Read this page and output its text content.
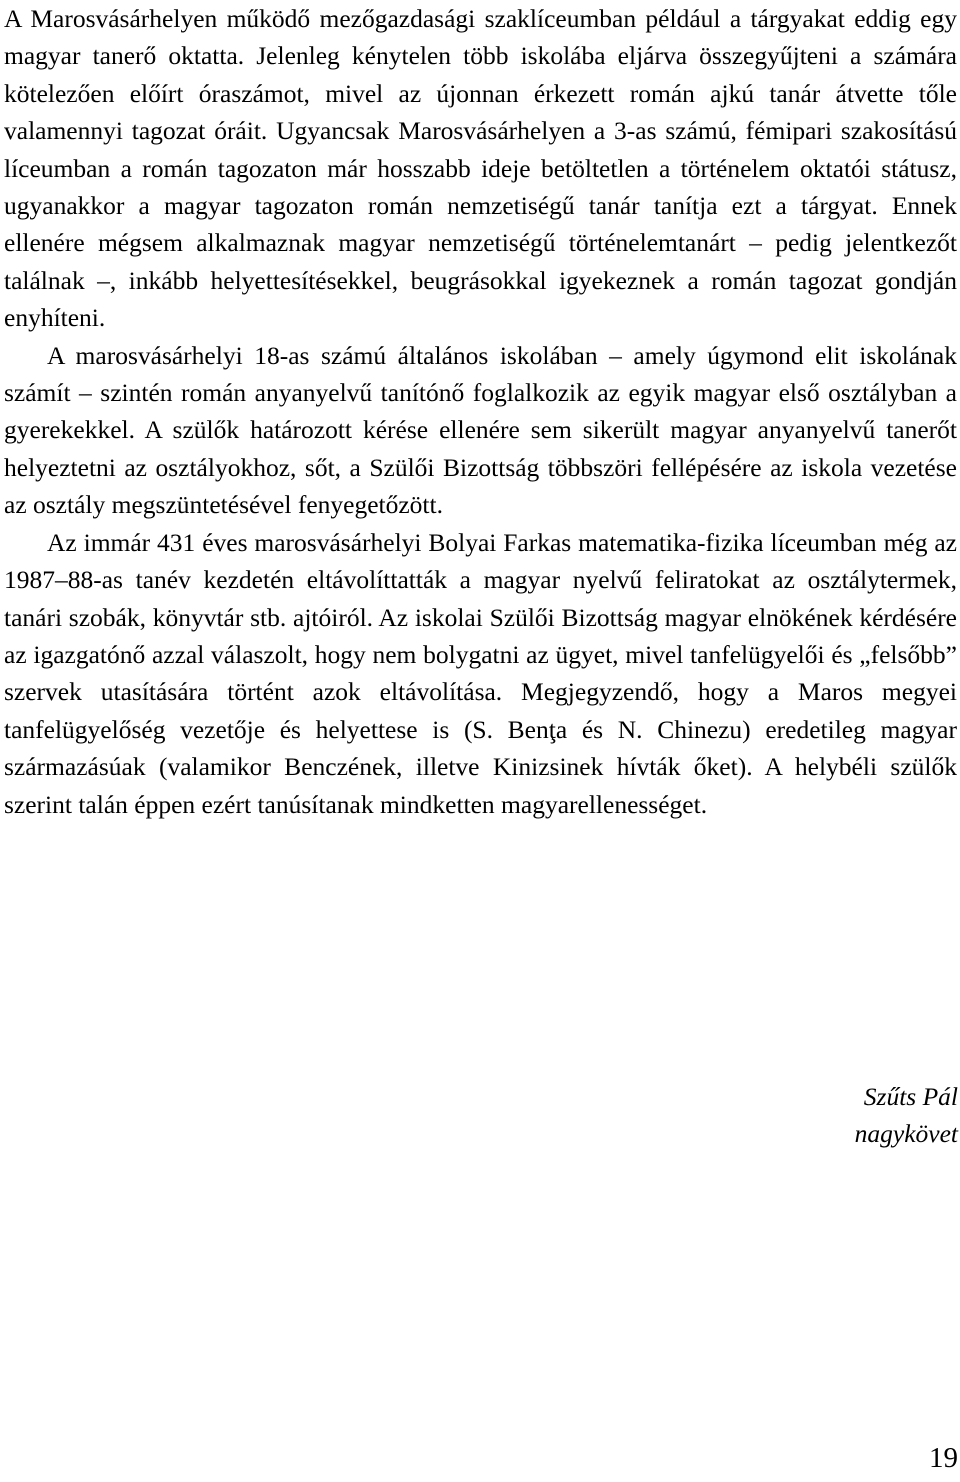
A Marosvásárhelyen működő mezőgazdasági szaklíceumban például a tárgyakat eddig egy magyar tanerő oktatta. Jelenleg kénytelen több iskolába eljárva összegyűjteni a számára kötelezően előírt óraszámot, mivel az újonnan érkezett román ajkú tanár átvette tőle valamennyi tagozat óráit. Ugyancsak Marosvásárhelyen a 3-as számú, fémipari szakosítású líceumban a román tagozaton már hosszabb ideje betöltetlen a történelem oktatói státusz, ugyanakkor a magyar tagozaton román nemzetiségű tanár tanítja ezt a tárgyat. Ennek ellenére mégsem alkalmaznak magyar nemzetiségű történelemtanárt – pedig jelentkezőt találnak –, inkább helyettesítésekkel, beugrásokkal igyekeznek a román tagozat gondján enyhíteni.

A marosvásárhelyi 18-as számú általános iskolában – amely úgymond elit iskolának számít – szintén román anyanyelvű tanítónő foglalkozik az egyik magyar első osztályban a gyerekekkel. A szülők határozott kérése ellenére sem sikerült magyar anyanyelvű tanerőt helyeztetni az osztályokhoz, sőt, a Szülői Bizottság többszöri fellépésére az iskola vezetése az osztály megszüntetésével fenyegetőzött.

Az immár 431 éves marosvásárhelyi Bolyai Farkas matematika-fizika líceumban még az 1987–88-as tanév kezdetén eltávolíttatták a magyar nyelvű feliratokat az osztálytermek, tanári szobák, könyvtár stb. ajtóiról. Az iskolai Szülői Bizottság magyar elnökének kérdésére az igazgatónő azzal válaszolt, hogy nem bolygatni az ügyet, mivel tanfelügyelői és „felsőbb” szervek utasítására történt azok eltávolítása. Megjegyzendő, hogy a Maros megyei tanfelügyelőség vezetője és helyettese is (S. Benţa és N. Chinezu) eredetileg magyar származásúak (valamikor Benczének, illetve Kinizsinek hívták őket). A helybéli szülők szerint talán éppen ezért tanúsítanak mindketten magyarellenességet.

Szűts Pál
nagykövet
19
